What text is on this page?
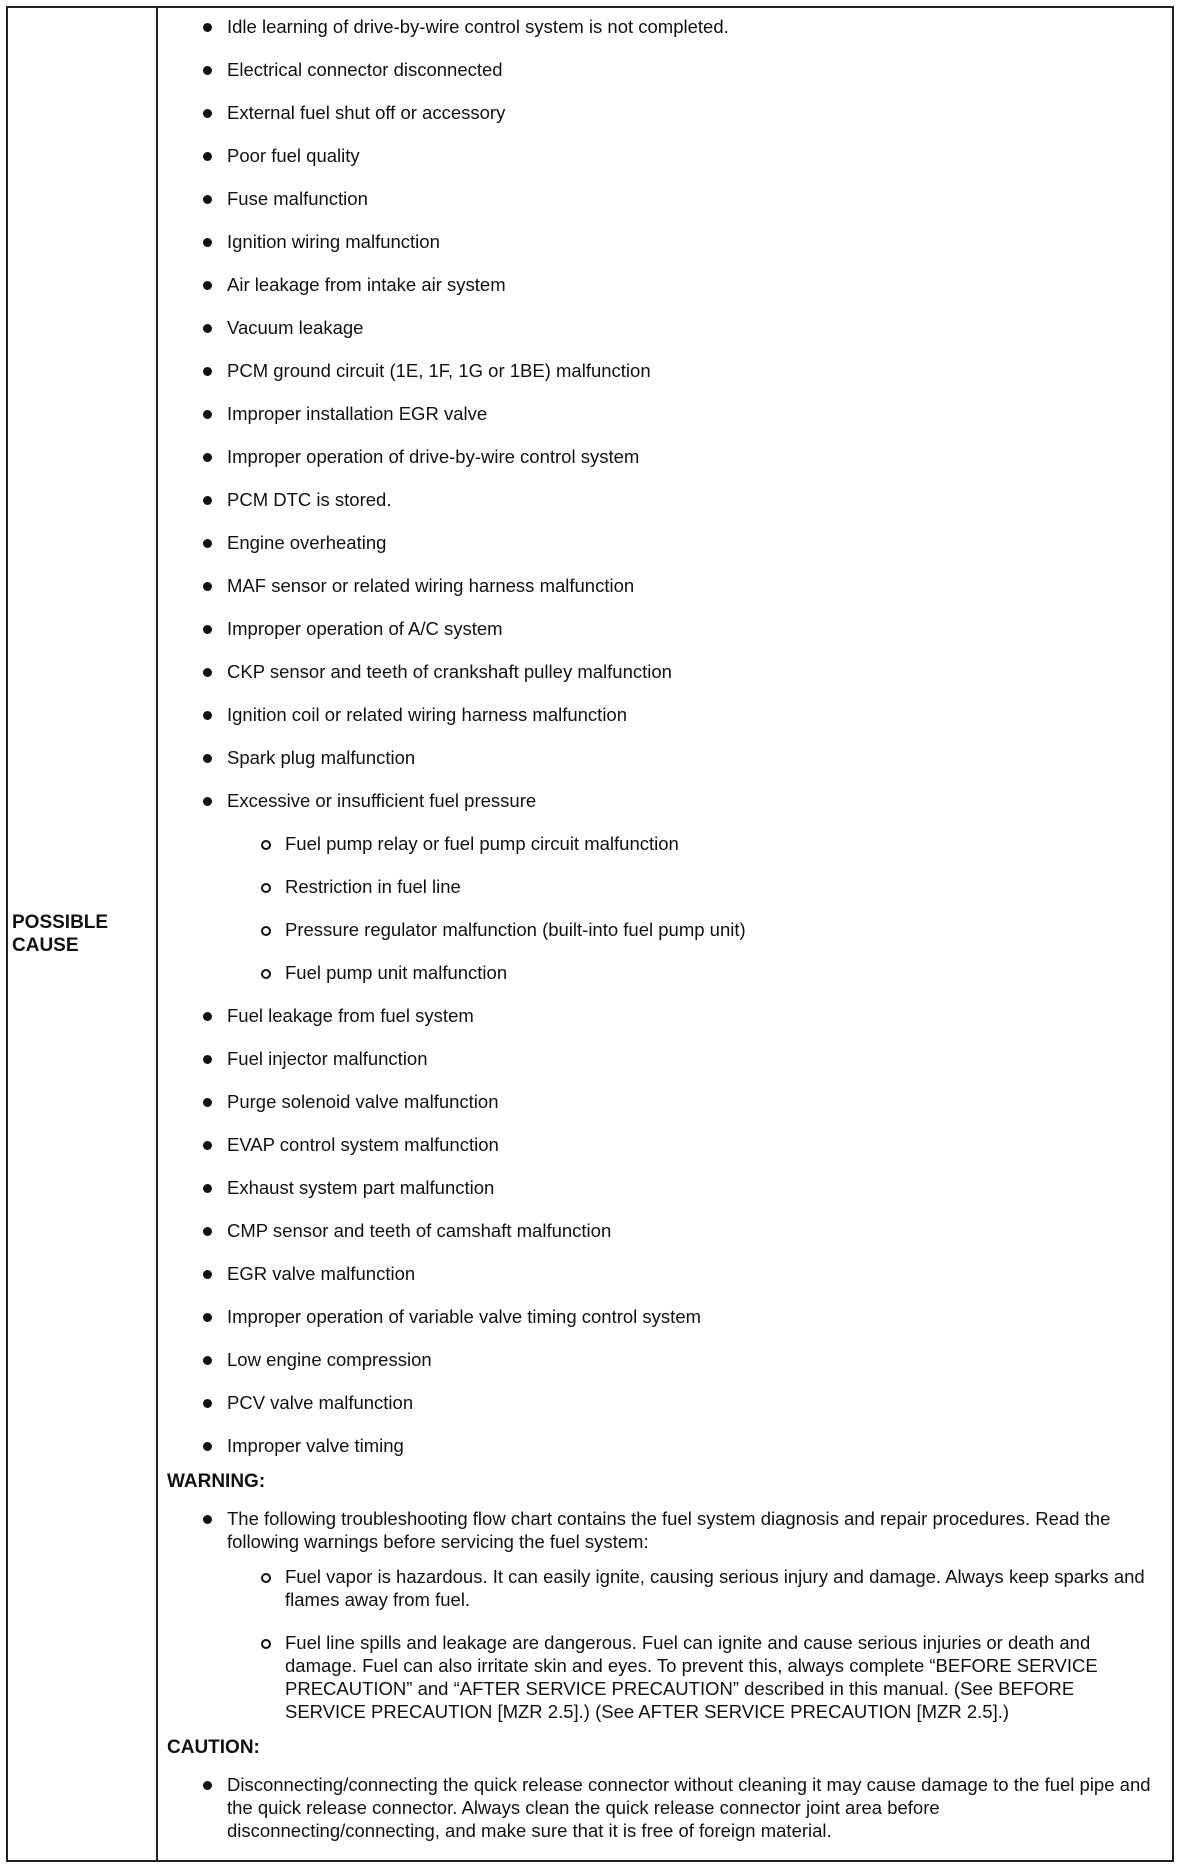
POSSIBLE
CAUSE
Idle learning of drive-by-wire control system is not completed.
Electrical connector disconnected
External fuel shut off or accessory
Poor fuel quality
Fuse malfunction
Ignition wiring malfunction
Air leakage from intake air system
Vacuum leakage
PCM ground circuit (1E, 1F, 1G or 1BE) malfunction
Improper installation EGR valve
Improper operation of drive-by-wire control system
PCM DTC is stored.
Engine overheating
MAF sensor or related wiring harness malfunction
Improper operation of A/C system
CKP sensor and teeth of crankshaft pulley malfunction
Ignition coil or related wiring harness malfunction
Spark plug malfunction
Excessive or insufficient fuel pressure
Fuel pump relay or fuel pump circuit malfunction
Restriction in fuel line
Pressure regulator malfunction (built-into fuel pump unit)
Fuel pump unit malfunction
Fuel leakage from fuel system
Fuel injector malfunction
Purge solenoid valve malfunction
EVAP control system malfunction
Exhaust system part malfunction
CMP sensor and teeth of camshaft malfunction
EGR valve malfunction
Improper operation of variable valve timing control system
Low engine compression
PCV valve malfunction
Improper valve timing
WARNING:
The following troubleshooting flow chart contains the fuel system diagnosis and repair procedures. Read the following warnings before servicing the fuel system:
Fuel vapor is hazardous. It can easily ignite, causing serious injury and damage. Always keep sparks and flames away from fuel.
Fuel line spills and leakage are dangerous. Fuel can ignite and cause serious injuries or death and damage. Fuel can also irritate skin and eyes. To prevent this, always complete “BEFORE SERVICE PRECAUTION” and “AFTER SERVICE PRECAUTION” described in this manual. (See BEFORE SERVICE PRECAUTION [MZR 2.5].) (See AFTER SERVICE PRECAUTION [MZR 2.5].)
CAUTION:
Disconnecting/connecting the quick release connector without cleaning it may cause damage to the fuel pipe and the quick release connector. Always clean the quick release connector joint area before disconnecting/connecting, and make sure that it is free of foreign material.
